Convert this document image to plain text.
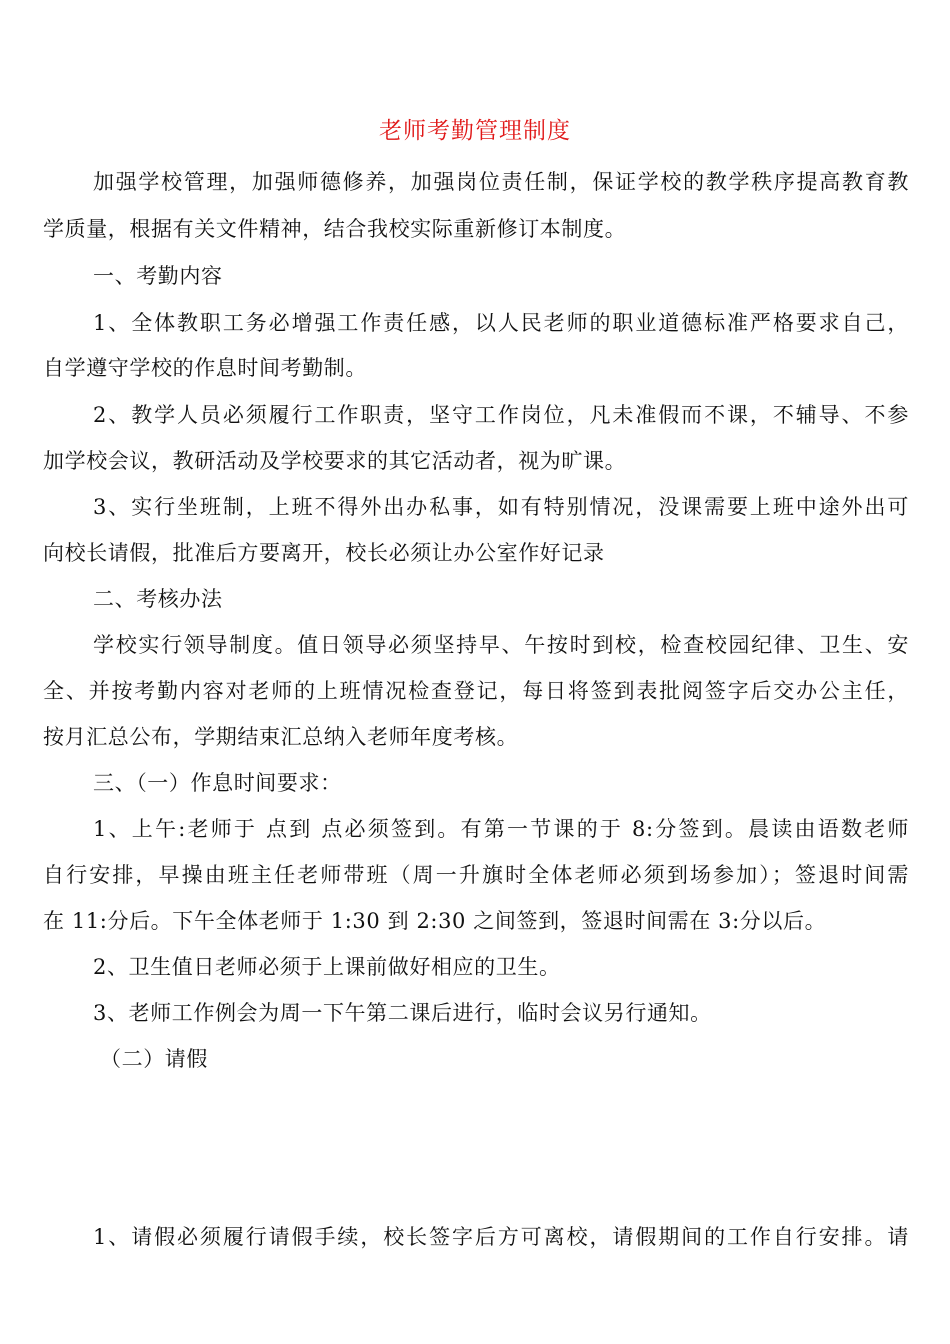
老师考勤管理制度
加强学校管理，加强师德修养，加强岗位责任制，保证学校的教学秩序提高教育教
学质量，根据有关文件精神，结合我校实际重新修订本制度。
一、考勤内容
1、全体教职工务必增强工作责任感，以人民老师的职业道德标准严格要求自己，
自学遵守学校的作息时间考勤制。
2、教学人员必须履行工作职责，坚守工作岗位，凡未准假而不课，不辅导、不参
加学校会议，教研活动及学校要求的其它活动者，视为旷课。
3、实行坐班制，上班不得外出办私事，如有特别情况，没课需要上班中途外出可
向校长请假，批准后方要离开，校长必须让办公室作好记录
二、考核办法
学校实行领导制度。值日领导必须坚持早、午按时到校，检查校园纪律、卫生、安
全、并按考勤内容对老师的上班情况检查登记，每日将签到表批阅签字后交办公主任，
按月汇总公布，学期结束汇总纳入老师年度考核。
三、（一）作息时间要求：
1、上午:老师于 点到 点必须签到。有第一节课的于 8:分签到。晨读由语数老师
自行安排，早操由班主任老师带班（周一升旗时全体老师必须到场参加）；签退时间需
在 11:分后。下午全体老师于 1:30 到 2:30 之间签到，签退时间需在 3:分以后。
2、卫生值日老师必须于上课前做好相应的卫生。
3、老师工作例会为周一下午第二课后进行，临时会议另行通知。
（二）请假
1、请假必须履行请假手续，校长签字后方可离校，请假期间的工作自行安排。请
